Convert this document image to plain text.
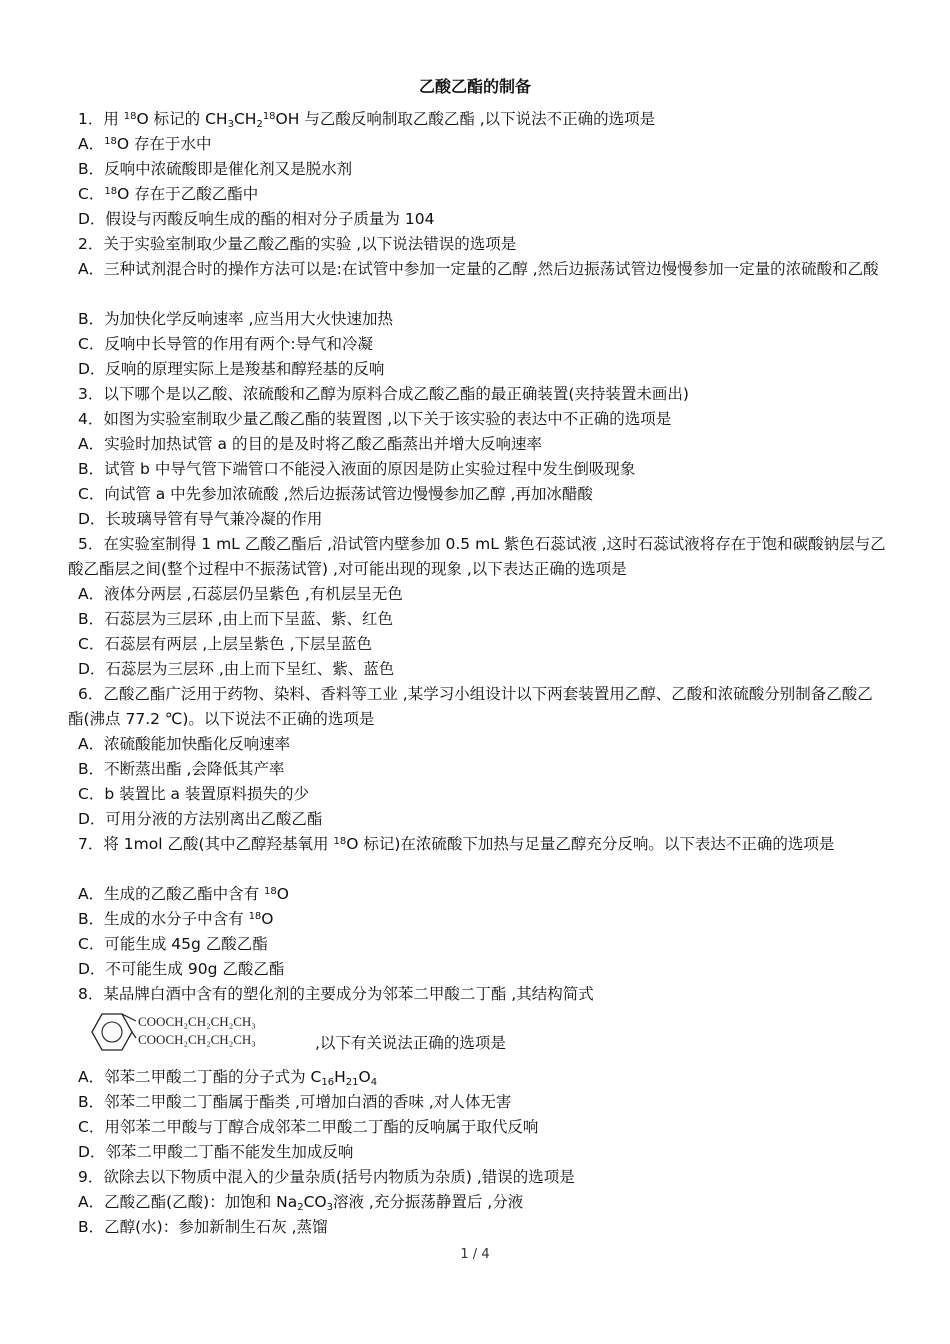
乙酸乙酯的制备
1．用 $^{18}$O 标记的 $CH_3CH_2^{18}OH$ 与乙酸反响制取乙酸乙酯 ,以下说法不正确的选项是
A．$^{18}$O 存在于水中
B．反响中浓硫酸即是催化剂又是脱水剂
C．$^{18}$O 存在于乙酸乙酯中
D．假设与丙酸反响生成的酯的相对分子质量为 104
2．关于实验室制取少量乙酸乙酯的实验 ,以下说法错误的选项是
A．三种试剂混合时的操作方法可以是:在试管中参加一定量的乙醇 ,然后边振荡试管边慢慢参加一定量的浓硫酸和乙酸
B．为加快化学反响速率 ,应当用大火快速加热
C．反响中长导管的作用有两个:导气和冷凝
D．反响的原理实际上是羧基和醇羟基的反响
3．以下哪个是以乙酸、浓硫酸和乙醇为原料合成乙酸乙酯的最正确装置(夹持装置未画出)
4．如图为实验室制取少量乙酸乙酯的装置图 ,以下关于该实验的表达中不正确的选项是
A．实验时加热试管 a 的目的是及时将乙酸乙酯蒸出并增大反响速率
B．试管 b 中导气管下端管口不能浸入液面的原因是防止实验过程中发生倒吸现象
C．向试管 a 中先参加浓硫酸 ,然后边振荡试管边慢慢参加乙醇 ,再加冰醋酸
D．长玻璃导管有导气兼冷凝的作用
5．在实验室制得 1 mL 乙酸乙酯后 ,沿试管内壁参加 0.5 mL 紫色石蕊试液 ,这时石蕊试液将存在于饱和碳酸钠层与乙酸乙酯层之间(整个过程中不振荡试管) ,对可能出现的现象 ,以下表达正确的选项是
A．液体分两层 ,石蕊层仍呈紫色 ,有机层呈无色
B．石蕊层为三层环 ,由上而下呈蓝、紫、红色
C．石蕊层有两层 ,上层呈紫色 ,下层呈蓝色
D．石蕊层为三层环 ,由上而下呈红、紫、蓝色
6．乙酸乙酯广泛用于药物、染料、香料等工业 ,某学习小组设计以下两套装置用乙醇、乙酸和浓硫酸分别制备乙酸乙酯(沸点 77.2 ℃)。以下说法不正确的选项是
A．浓硫酸能加快酯化反响速率
B．不断蒸出酯 ,会降低其产率
C．b 装置比 a 装置原料损失的少
D．可用分液的方法别离出乙酸乙酯
7．将 1mol 乙酸(其中乙醇羟基氧用 $^{18}$O 标记)在浓硫酸下加热与足量乙醇充分反响。以下表达不正确的选项是
A．生成的乙酸乙酯中含有 $^{18}$O
B．生成的水分子中含有 $^{18}$O
C．可能生成 45g 乙酸乙酯
D．不可能生成 90g 乙酸乙酯
8．某品牌白酒中含有的塑化剂的主要成分为邻苯二甲酸二丁酯 ,其结构简式
COOCH₂CH₂CH₂CH₃
COOCH₂CH₂CH₂CH₃	,以下有关说法正确的选项是
A．邻苯二甲酸二丁酯的分子式为 $C_{16}H_{21}O_4$
B．邻苯二甲酸二丁酯属于酯类 ,可增加白酒的香味 ,对人体无害
C．用邻苯二甲酸与丁醇合成邻苯二甲酸二丁酯的反响属于取代反响
D．邻苯二甲酸二丁酯不能发生加成反响
9．欲除去以下物质中混入的少量杂质(括号内物质为杂质) ,错误的选项是
A．乙酸乙酯(乙酸)：加饱和 $Na_2CO_3$溶液 ,充分振荡静置后 ,分液
B．乙醇(水)：参加新制生石灰 ,蒸馏
1 / 4
